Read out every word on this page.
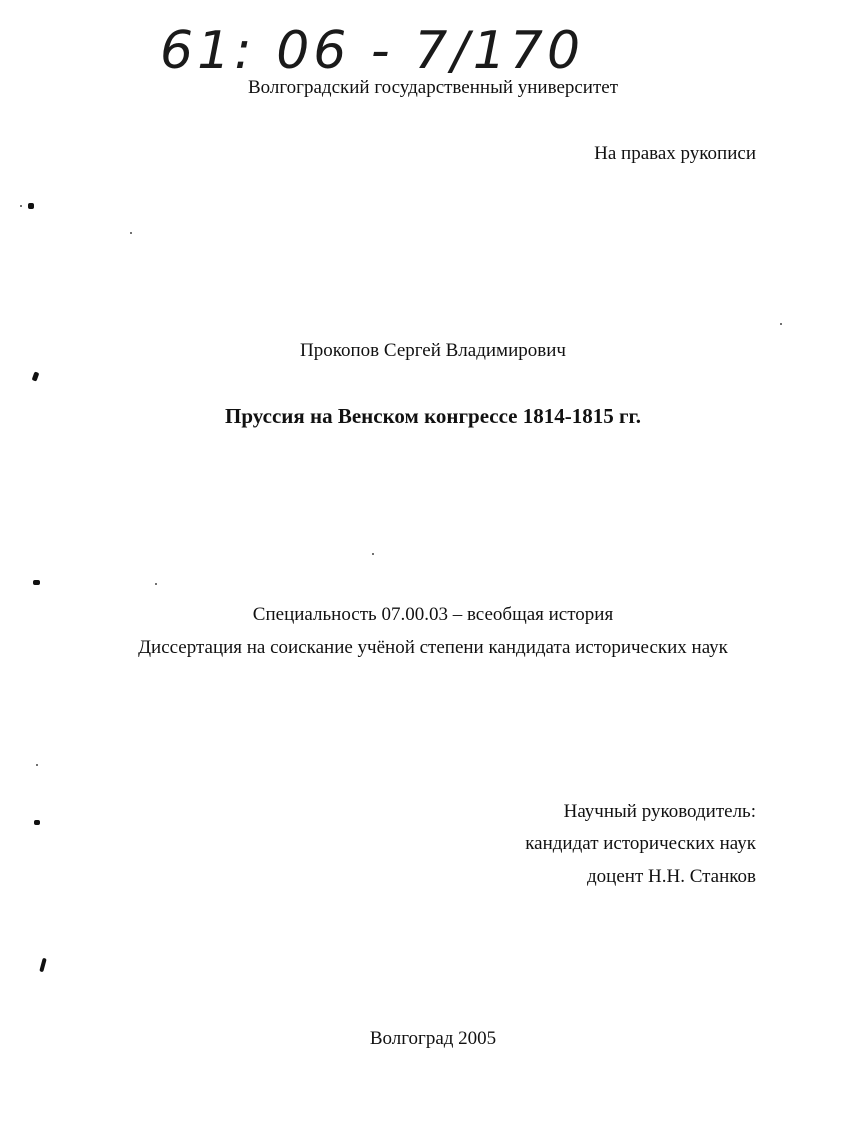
61: 06 - 7/170
Волгоградский государственный университет
На правах рукописи
Прокопов Сергей Владимирович
Пруссия на Венском конгрессе 1814-1815 гг.
Специальность 07.00.03 – всеобщая история
Диссертация на соискание учёной степени кандидата исторических наук
Научный руководитель:
кандидат исторических наук
доцент Н.Н. Станков
Волгоград 2005
